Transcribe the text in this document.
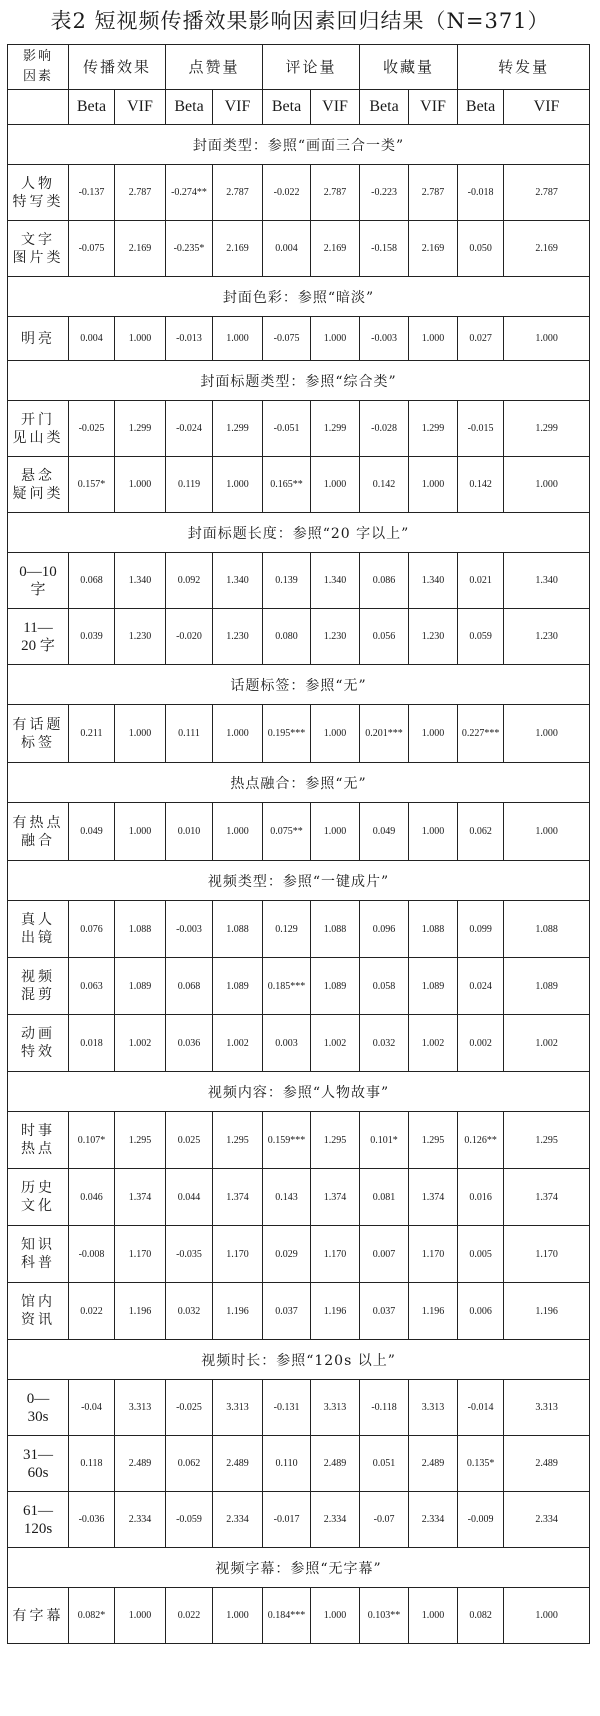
表2 短视频传播效果影响因素回归结果（N=371）
影响
因素	传播效果		点赞量		评论量		收藏量		转发量	
	Beta	VIF	Beta	VIF	Beta	VIF	Beta	VIF	Beta	VIF
封面类型：参照“画面三合一类”										
人物
特写类	-0.137	2.787	-0.274**	2.787	-0.022	2.787	-0.223	2.787	-0.018	2.787
文字
图片类	-0.075	2.169	-0.235*	2.169	0.004	2.169	-0.158	2.169	0.050	2.169
封面色彩：参照“暗淡”										
明亮	0.004	1.000	-0.013	1.000	-0.075	1.000	-0.003	1.000	0.027	1.000
封面标题类型：参照“综合类”										
开门
见山类	-0.025	1.299	-0.024	1.299	-0.051	1.299	-0.028	1.299	-0.015	1.299
悬念
疑问类	0.157*	1.000	0.119	1.000	0.165**	1.000	0.142	1.000	0.142	1.000
封面标题长度：参照“20 字以上”										
0—10
字	0.068	1.340	0.092	1.340	0.139	1.340	0.086	1.340	0.021	1.340
11—
20 字	0.039	1.230	-0.020	1.230	0.080	1.230	0.056	1.230	0.059	1.230
话题标签：参照“无”										
有话题
标签	0.211	1.000	0.111	1.000	0.195***	1.000	0.201***	1.000	0.227***	1.000
热点融合：参照“无”										
有热点
融合	0.049	1.000	0.010	1.000	0.075**	1.000	0.049	1.000	0.062	1.000
视频类型：参照“一键成片”										
真人
出镜	0.076	1.088	-0.003	1.088	0.129	1.088	0.096	1.088	0.099	1.088
视频
混剪	0.063	1.089	0.068	1.089	0.185***	1.089	0.058	1.089	0.024	1.089
动画
特效	0.018	1.002	0.036	1.002	0.003	1.002	0.032	1.002	0.002	1.002
视频内容：参照“人物故事”										
时事
热点	0.107*	1.295	0.025	1.295	0.159***	1.295	0.101*	1.295	0.126**	1.295
历史
文化	0.046	1.374	0.044	1.374	0.143	1.374	0.081	1.374	0.016	1.374
知识
科普	-0.008	1.170	-0.035	1.170	0.029	1.170	0.007	1.170	0.005	1.170
馆内
资讯	0.022	1.196	0.032	1.196	0.037	1.196	0.037	1.196	0.006	1.196
视频时长：参照“120s 以上”										
0—
30s	-0.04	3.313	-0.025	3.313	-0.131	3.313	-0.118	3.313	-0.014	3.313
31—
60s	0.118	2.489	0.062	2.489	0.110	2.489	0.051	2.489	0.135*	2.489
61—
120s	-0.036	2.334	-0.059	2.334	-0.017	2.334	-0.07	2.334	-0.009	2.334
视频字幕：参照“无字幕”										
有字幕	0.082*	1.000	0.022	1.000	0.184***	1.000	0.103**	1.000	0.082	1.000
